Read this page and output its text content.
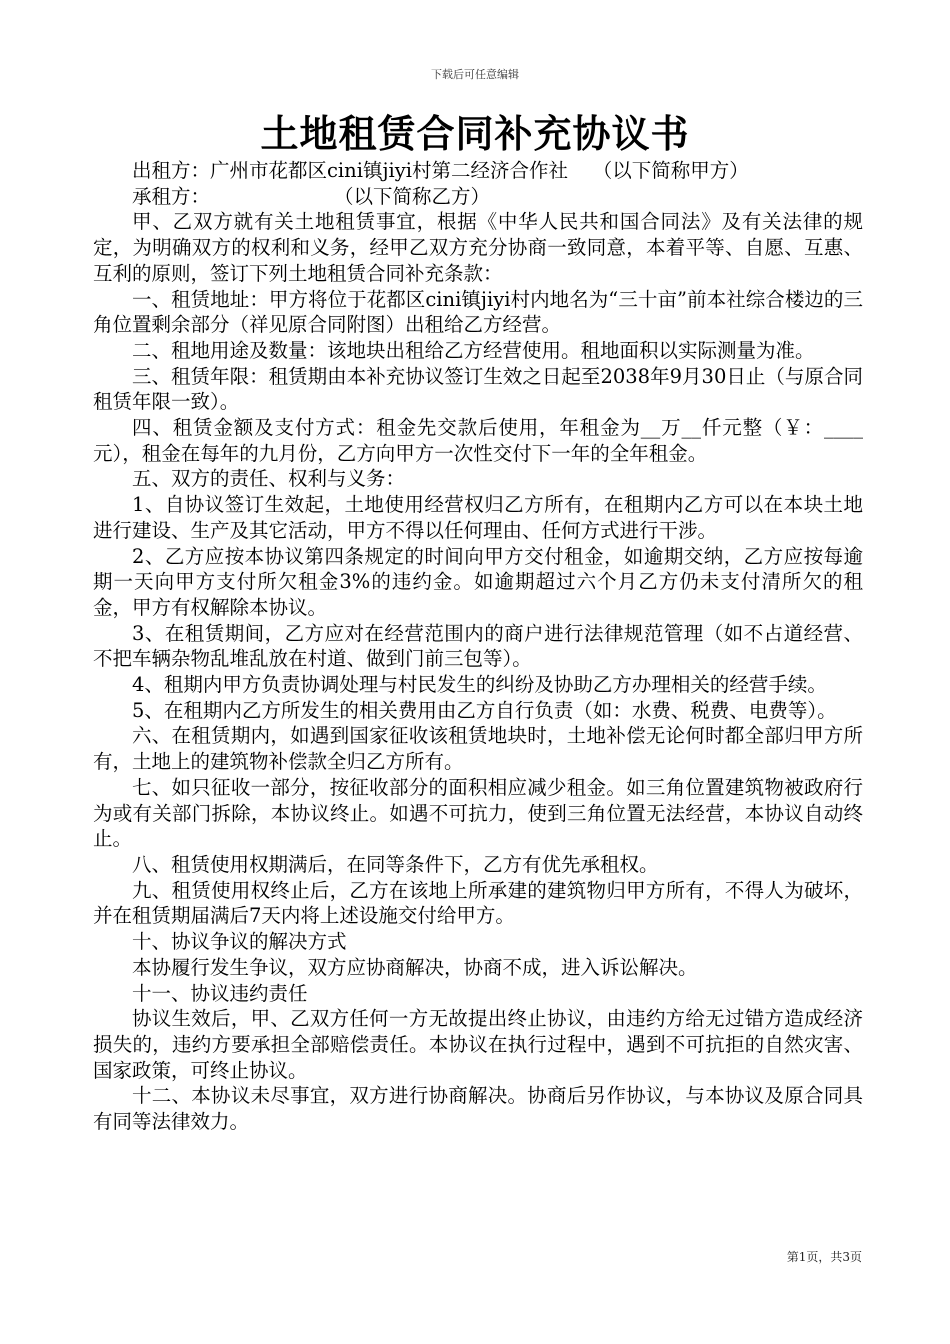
下载后可任意编辑
土地租赁合同补充协议书

出租方：广州市花都区cini镇jiyi村第二经济合作社    （以下简称甲方）

承租方：                    （以下简称乙方）

甲、乙双方就有关土地租赁事宜，根据《中华人民共和国合同法》及有关法律的规定，为明确双方的权利和义务，经甲乙双方充分协商一致同意，本着平等、自愿、互惠、互利的原则，签订下列土地租赁合同补充条款：

一、租赁地址：甲方将位于花都区cini镇jiyi村内地名为“三十亩”前本社综合楼边的三角位置剩余部分（祥见原合同附图）出租给乙方经营。

二、租地用途及数量：该地块出租给乙方经营使用。租地面积以实际测量为准。

三、租赁年限：租赁期由本补充协议签订生效之日起至2038年9月30日止（与原合同租赁年限一致）。

四、租赁金额及支付方式：租金先交款后使用，年租金为__万__仟元整（￥：____元），租金在每年的九月份，乙方向甲方一次性交付下一年的全年租金。

五、双方的责任、权利与义务：

1、自协议签订生效起，土地使用经营权归乙方所有，在租期内乙方可以在本块土地进行建设、生产及其它活动，甲方不得以任何理由、任何方式进行干涉。

2、乙方应按本协议第四条规定的时间向甲方交付租金，如逾期交纳，乙方应按每逾期一天向甲方支付所欠租金3%的违约金。如逾期超过六个月乙方仍未支付清所欠的租金，甲方有权解除本协议。

3、在租赁期间，乙方应对在经营范围内的商户进行法律规范管理（如不占道经营、不把车辆杂物乱堆乱放在村道、做到门前三包等）。

4、租期内甲方负责协调处理与村民发生的纠纷及协助乙方办理相关的经营手续。

5、在租期内乙方所发生的相关费用由乙方自行负责（如：水费、税费、电费等）。

六、在租赁期内，如遇到国家征收该租赁地块时，土地补偿无论何时都全部归甲方所有，土地上的建筑物补偿款全归乙方所有。

七、如只征收一部分，按征收部分的面积相应减少租金。如三角位置建筑物被政府行为或有关部门拆除，本协议终止。如遇不可抗力，使到三角位置无法经营，本协议自动终止。

八、租赁使用权期满后，在同等条件下，乙方有优先承租权。

九、租赁使用权终止后，乙方在该地上所承建的建筑物归甲方所有，不得人为破坏，并在租赁期届满后7天内将上述设施交付给甲方。

十、协议争议的解决方式

本协履行发生争议，双方应协商解决，协商不成，进入诉讼解决。

十一、协议违约责任

协议生效后，甲、乙双方任何一方无故提出终止协议，由违约方给无过错方造成经济损失的，违约方要承担全部赔偿责任。本协议在执行过程中，遇到不可抗拒的自然灾害、国家政策，可终止协议。

十二、本协议未尽事宜，双方进行协商解决。协商后另作协议，与本协议及原合同具有同等法律效力。

第1页，共3页
